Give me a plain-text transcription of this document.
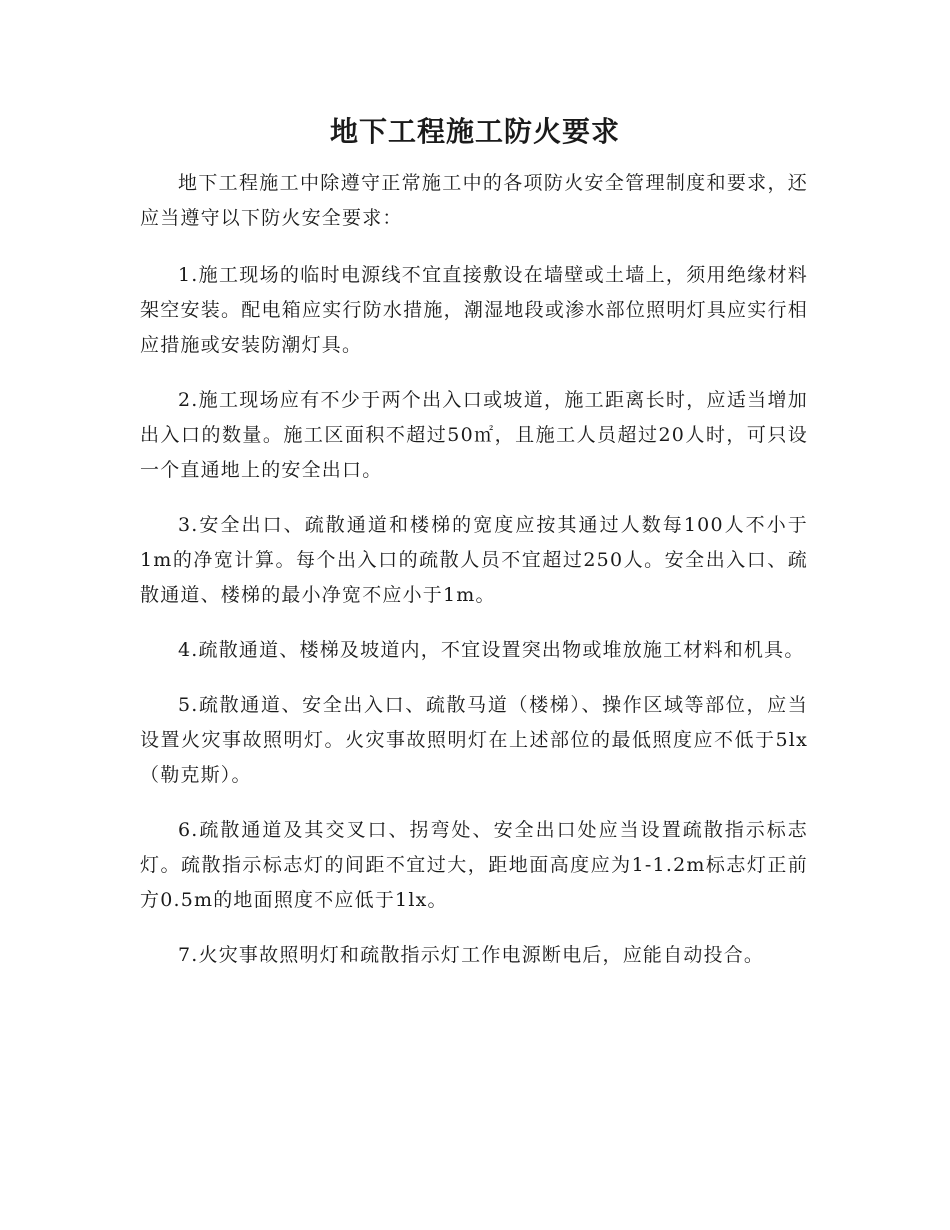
地下工程施工防火要求

地下工程施工中除遵守正常施工中的各项防火安全管理制度和要求，还应当遵守以下防火安全要求：

1.施工现场的临时电源线不宜直接敷设在墙壁或土墙上，须用绝缘材料架空安装。配电箱应实行防水措施，潮湿地段或渗水部位照明灯具应实行相应措施或安装防潮灯具。

2.施工现场应有不少于两个出入口或坡道，施工距离长时，应适当增加出入口的数量。施工区面积不超过50㎡，且施工人员超过20人时，可只设一个直通地上的安全出口。

3.安全出口、疏散通道和楼梯的宽度应按其通过人数每100人不小于1m的净宽计算。每个出入口的疏散人员不宜超过250人。安全出入口、疏散通道、楼梯的最小净宽不应小于1m。

4.疏散通道、楼梯及坡道内，不宜设置突出物或堆放施工材料和机具。

5.疏散通道、安全出入口、疏散马道（楼梯）、操作区域等部位，应当设置火灾事故照明灯。火灾事故照明灯在上述部位的最低照度应不低于5lx（勒克斯）。

6.疏散通道及其交叉口、拐弯处、安全出口处应当设置疏散指示标志灯。疏散指示标志灯的间距不宜过大，距地面高度应为1-1.2m标志灯正前方0.5m的地面照度不应低于1lx。

7.火灾事故照明灯和疏散指示灯工作电源断电后，应能自动投合。
